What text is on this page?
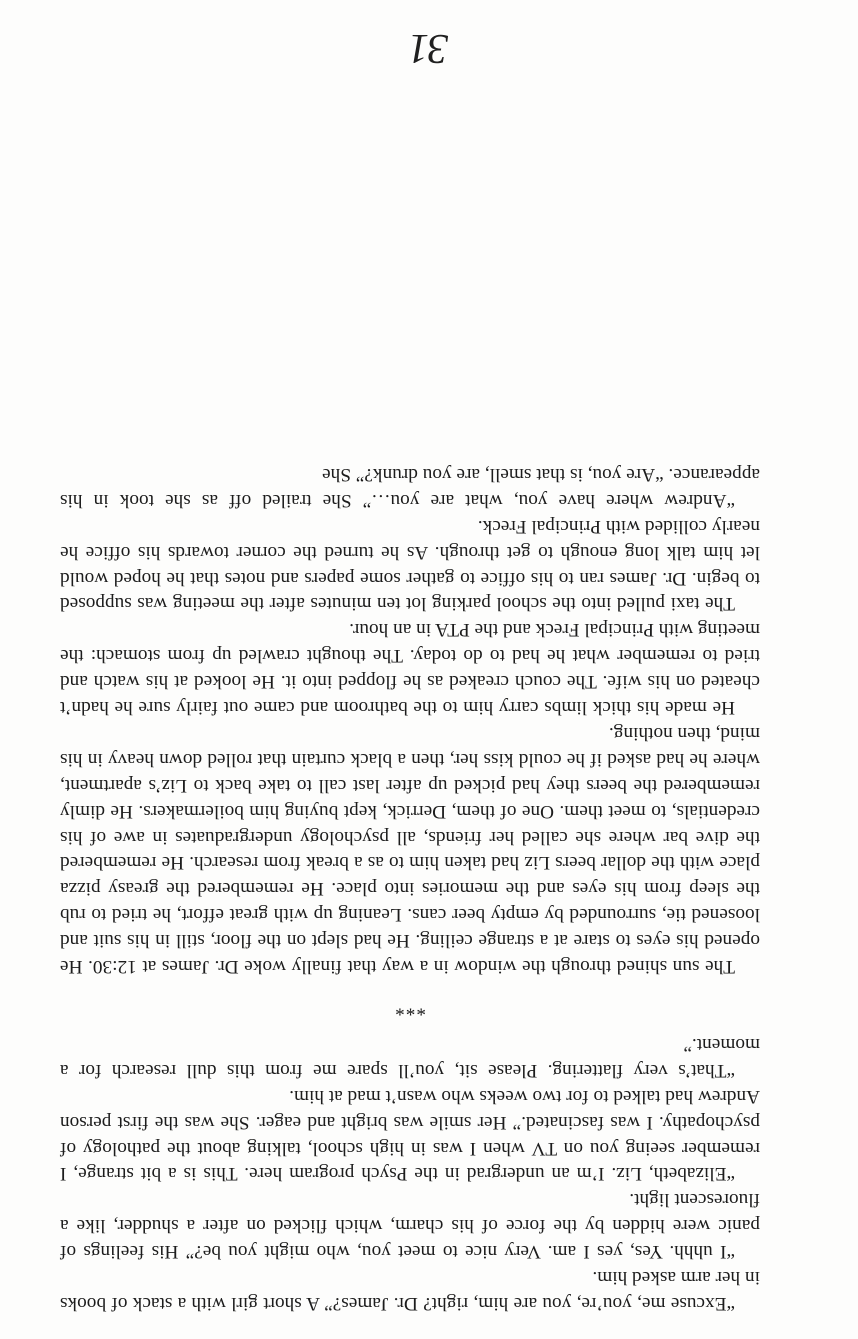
“Excuse me, you’re, you are him, right? Dr. James?” A short girl with a stack of books in her arm asked him.

“I uhhh. Yes, yes I am. Very nice to meet you, who might you be?” His feelings of panic were hidden by the force of his charm, which flicked on after a shudder, like a fluorescent light.

“Elizabeth, Liz. I’m an undergrad in the Psych program here. This is a bit strange, I remember seeing you on TV when I was in high school, talking about the pathology of psychopathy. I was fascinated.” Her smile was bright and eager. She was the first person Andrew had talked to for two weeks who wasn’t mad at him.

“That’s very flattering. Please sit, you’ll spare me from this dull research for a moment.”

***

The sun shined through the window in a way that finally woke Dr. James at 12:30. He opened his eyes to stare at a strange ceiling. He had slept on the floor, still in his suit and loosened tie, surrounded by empty beer cans. Leaning up with great effort, he tried to rub the sleep from his eyes and the memories into place. He remembered the greasy pizza place with the dollar beers Liz had taken him to as a break from research. He remembered the dive bar where she called her friends, all psychology undergraduates in awe of his credentials, to meet them. One of them, Derrick, kept buying him boilermakers. He dimly remembered the beers they had picked up after last call to take back to Liz’s apartment, where he had asked if he could kiss her, then a black curtain that rolled down heavy in his mind, then nothing.

He made his thick limbs carry him to the bathroom and came out fairly sure he hadn’t cheated on his wife. The couch creaked as he flopped into it. He looked at his watch and tried to remember what he had to do today. The thought crawled up from stomach: the meeting with Principal Freck and the PTA in an hour.

The taxi pulled into the school parking lot ten minutes after the meeting was supposed to begin. Dr. James ran to his office to gather some papers and notes that he hoped would let him talk long enough to get through. As he turned the corner towards his office he nearly collided with Principal Freck.

“Andrew where have you, what are you…” She trailed off as she took in his appearance. “Are you, is that smell, are you drunk?” She

31
